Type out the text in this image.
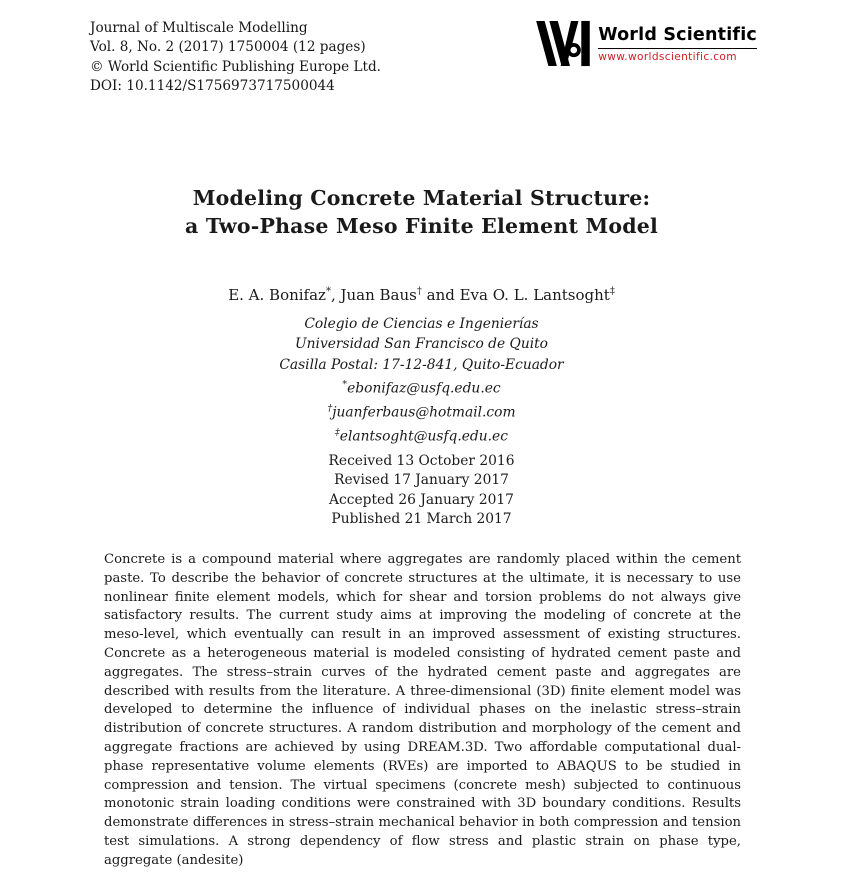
Journal of Multiscale Modelling
Vol. 8, No. 2 (2017) 1750004 (12 pages)
© World Scientific Publishing Europe Ltd.
DOI: 10.1142/S1756973717500044
World Scientific
www.worldscientific.com
Modeling Concrete Material Structure:
a Two-Phase Meso Finite Element Model
E. A. Bonifaz*, Juan Baus† and Eva O. L. Lantsoght‡
Colegio de Ciencias e Ingenierías
Universidad San Francisco de Quito
Casilla Postal: 17-12-841, Quito-Ecuador
*ebonifaz@usfq.edu.ec
†juanferbaus@hotmail.com
‡elantsoght@usfq.edu.ec
Received 13 October 2016
Revised 17 January 2017
Accepted 26 January 2017
Published 21 March 2017

Concrete is a compound material where aggregates are randomly placed within the cement paste. To describe the behavior of concrete structures at the ultimate, it is necessary to use nonlinear finite element models, which for shear and torsion problems do not always give satisfactory results. The current study aims at improving the modeling of concrete at the meso-level, which eventually can result in an improved assessment of existing structures. Concrete as a heterogeneous material is modeled consisting of hydrated cement paste and aggregates. The stress–strain curves of the hydrated cement paste and aggregates are described with results from the literature. A three-dimensional (3D) finite element model was developed to determine the influence of individual phases on the inelastic stress–strain distribution of concrete structures. A random distribution and morphology of the cement and aggregate fractions are achieved by using DREAM.3D. Two affordable computational dual-phase representative volume elements (RVEs) are imported to ABAQUS to be studied in compression and tension. The virtual specimens (concrete mesh) subjected to continuous monotonic strain loading conditions were constrained with 3D boundary conditions. Results demonstrate differences in stress–strain mechanical behavior in both compression and tension test simulations. A strong dependency of flow stress and plastic strain on phase type, aggregate (andesite)
